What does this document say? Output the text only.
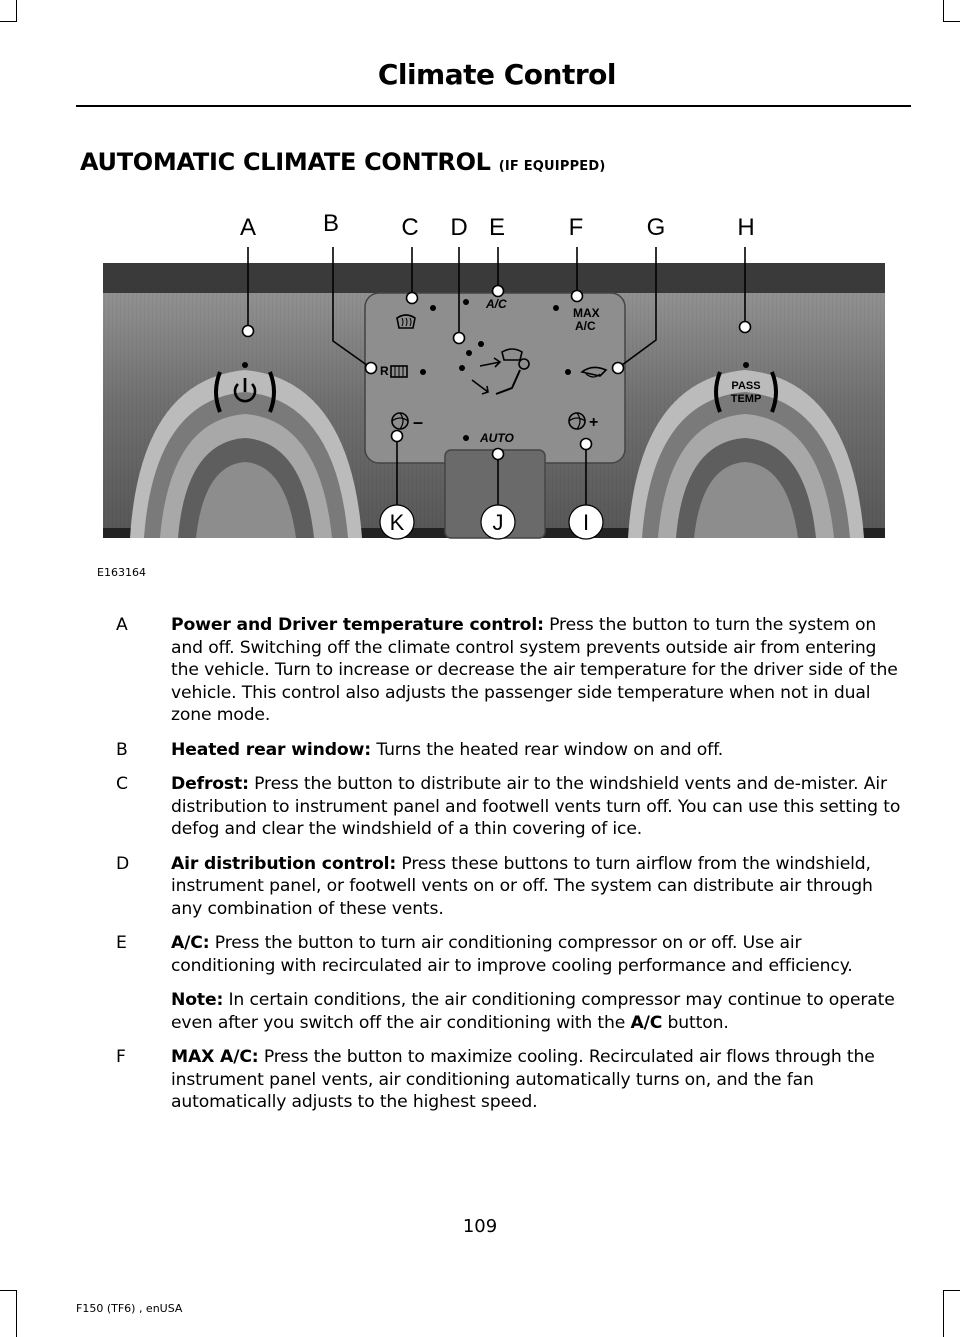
Climate Control
AUTOMATIC CLIMATE CONTROL (IF EQUIPPED)
PASS
TEMP
A/C
MAX
A/C
R
–
AUTO
+
A	B	C D E	F	G	H
K	J	I
E163164
A	Power and Driver temperature control: Press the button to turn the system on and off. Switching off the climate control system prevents outside air from entering the vehicle. Turn to increase or decrease the air temperature for the driver side of the vehicle. This control also adjusts the passenger side temperature when not in dual zone mode.
B	Heated rear window: Turns the heated rear window on and off.
C	Defrost: Press the button to distribute air to the windshield vents and de-mister. Air distribution to instrument panel and footwell vents turn off. You can use this setting to defog and clear the windshield of a thin covering of ice.
D Air distribution control: Press these buttons to turn airflow from the windshield, instrument panel, or footwell vents on or off. The system can distribute air through any combination of these vents.
E	A/C: Press the button to turn air conditioning compressor on or off. Use air conditioning with recirculated air to improve cooling performance and efficiency.
Note: In certain conditions, the air conditioning compressor may continue to operate even after you switch off the air conditioning with the A/C button.
F	MAX A/C: Press the button to maximize cooling. Recirculated air flows through the instrument panel vents, air conditioning automatically turns on, and the fan automatically adjusts to the highest speed.
109
F150 (TF6) , enUSA
